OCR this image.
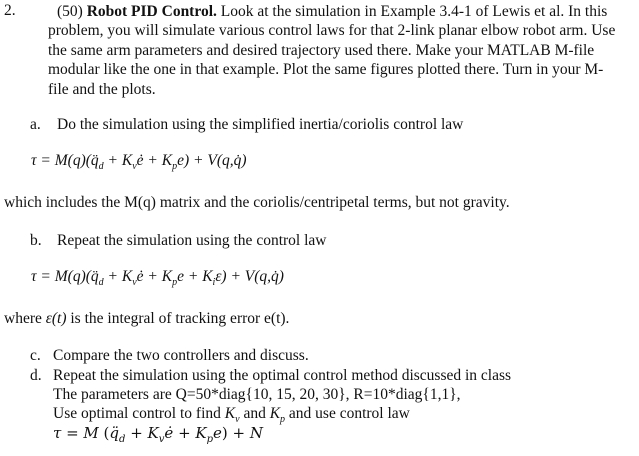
2.	(50) Robot PID Control. Look at the simulation in Example 3.4-1 of Lewis et al. In this
problem, you will simulate various control laws for that 2-link planar elbow robot arm. Use
the same arm parameters and desired trajectory used there. Make your MATLAB M-file
modular like the one in that example. Plot the same figures plotted there. Turn in your M-
file and the plots.
a. Do the simulation using the simplified inertia/coriolis control law
$\tau = M(q)(q̈_d$ + $K_vė + K_pe$) + V(q,q̇)
which includes the M(q) matrix and the coriolis/centripetal terms, but not gravity.
b. Repeat the simulation using the control law
$\tau = M(q)(q̈_d$ + $K_vė + K_pe + K_i\varepsilon$) + V(q,q̇)
where ε(t) is the integral of tracking error e(t).
c. Compare the two controllers and discuss.
d. Repeat the simulation using the optimal control method discussed in class
The parameters are Q=50*diag{10, 15, 20, 30}, R=10*diag{1,1},
Use optimal control to find $K_v$ and $K_p$ and use control law
τ = M ($q̈_d$ + $K_vė + K_pe) + N$
